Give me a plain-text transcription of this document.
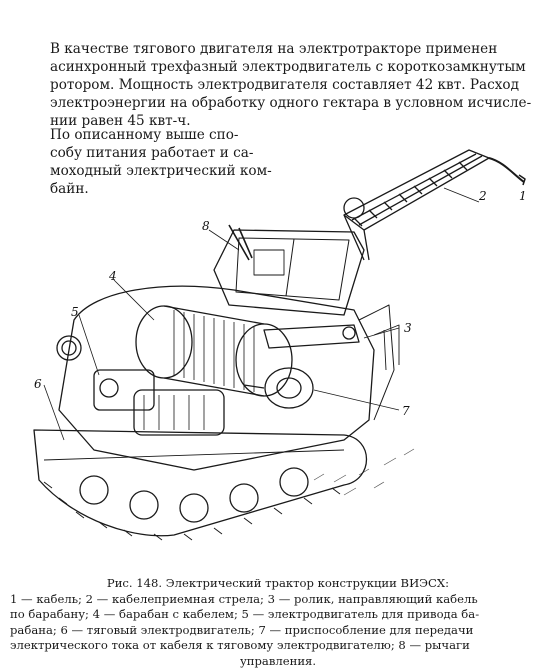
В качестве тягового двигателя на электротракторе применен
асинхронный трехфазный электродвигатель с короткозамкнутым
ротором. Мощность электродвигателя составляет 42 квт. Расход
электроэнергии на обработку одного гектара в условном исчисле-
нии равен 45 квт-ч.
По описанному выше спо-
собу питания работает и са-
моходный электрический ком-
байн.	1
2
3
4
5
6
7
8
Рис. 148. Электрический трактор конструкции ВИЭСХ:
1 — кабель; 2 — кабелеприемная стрела; 3 — ролик, направляющий кабель
по барабану; 4 — барабан с кабелем; 5 — электродвигатель для привода ба-
рабана; 6 — тяговый электродвигатель; 7 — приспособление для передачи
электрического тока от кабеля к тяговому электродвигателю; 8 — рычаги
управления.
